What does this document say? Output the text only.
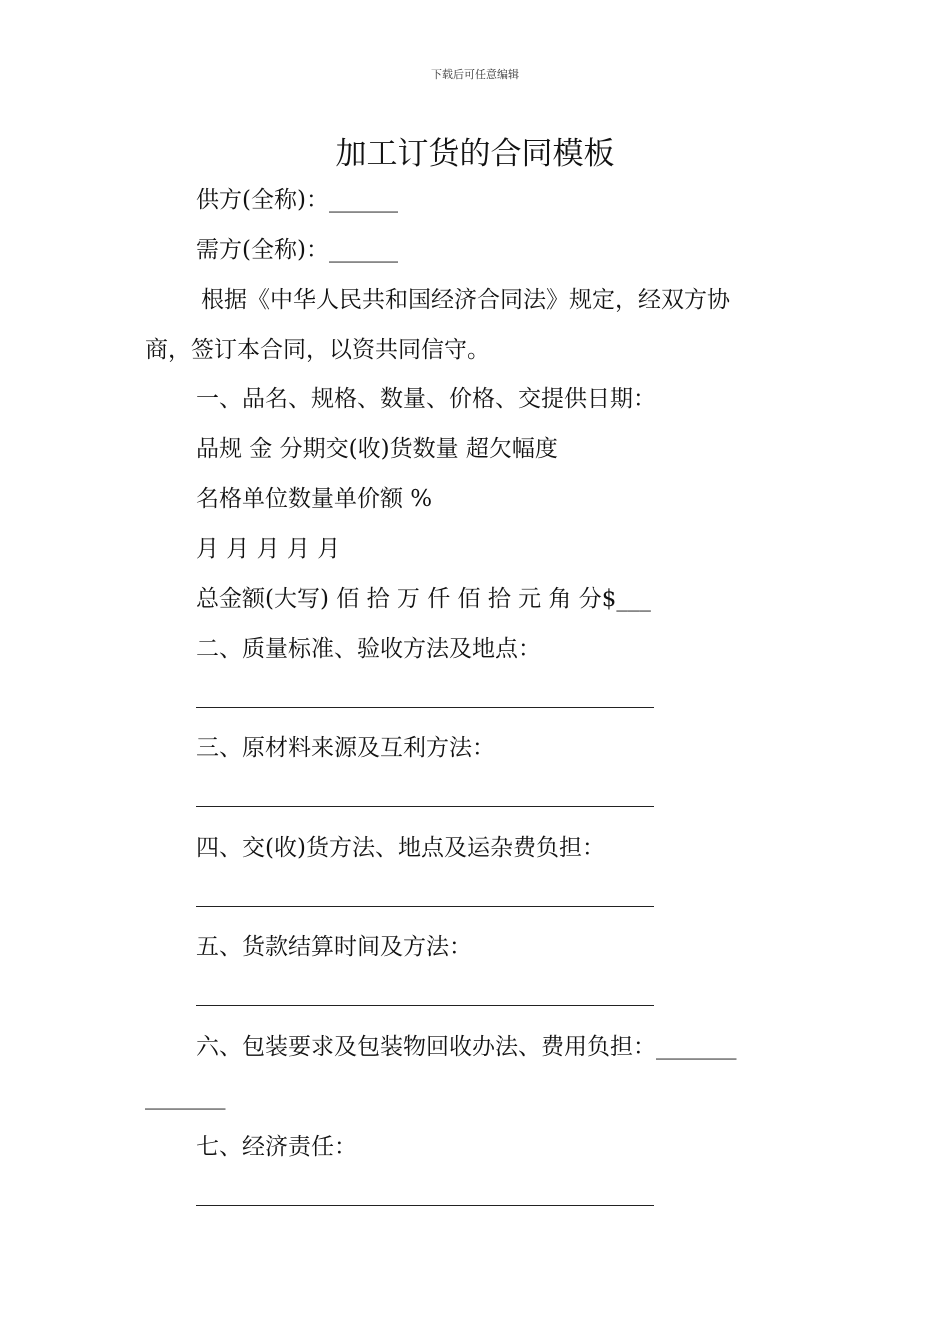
下载后可任意编辑
加工订货的合同模板
供方(全称)：______
需方(全称)：______
根据《中华人民共和国经济合同法》规定，经双方协
商，签订本合同，以资共同信守。
一、品名、规格、数量、价格、交提供日期：
品规 金 分期交(收)货数量 超欠幅度
名格单位数量单价额 %
月 月 月 月 月
总金额(大写) 佰 拾 万 仟 佰 拾 元 角 分$___
二、质量标准、验收方法及地点：
三、原材料来源及互利方法：
四、交(收)货方法、地点及运杂费负担：
五、货款结算时间及方法：
六、包装要求及包装物回收办法、费用负担：_______
_______
七、经济责任：
